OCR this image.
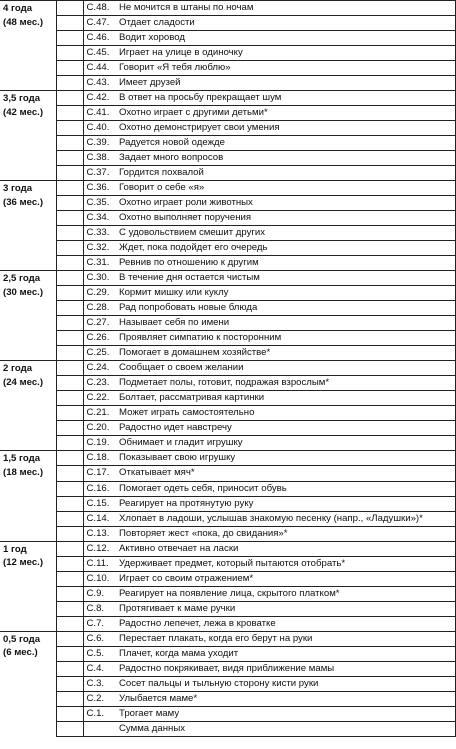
4 года		С.48.	Не мочится в штаны по ночам
(48 мес.)		С.47.	Отдает сладости
		С.46.	Водит хоровод
		С.45.	Играет на улице в одиночку
		С.44.	Говорит «Я тебя люблю»
		С.43.	Имеет друзей
3,5 года		С.42.	В ответ на просьбу прекращает шум
(42 мес.)		С.41.	Охотно играет с другими детьми*
		С.40.	Охотно демонстрирует свои умения
		С.39.	Радуется новой одежде
		С.38.	Задает много вопросов
		С.37.	Гордится похвалой
3 года		С.36.	Говорит о себе «я»
(36 мес.)		С.35.	Охотно играет роли животных
		С.34.	Охотно выполняет поручения
		С.33.	С удовольствием смешит других
		С.32.	Ждет, пока подойдет его очередь
		С.31.	Ревнив по отношению к другим
2,5 года		С.30.	В течение дня остается чистым
(30 мес.)		С.29.	Кормит мишку или куклу
		С.28.	Рад попробовать новые блюда
		С.27.	Называет себя по имени
		С.26.	Проявляет симпатию к посторонним
		С.25.	Помогает в домашнем хозяйстве*
2 года		С.24.	Сообщает о своем желании
(24 мес.)		С.23.	Подметает полы, готовит, подражая взрослым*
		С.22.	Болтает, рассматривая картинки
		С.21.	Может играть самостоятельно
		С.20.	Радостно идет навстречу
		С.19.	Обнимает и гладит игрушку
1,5 года		С.18.	Показывает свою игрушку
(18 мес.)		С.17.	Откатывает мяч*
		С.16.	Помогает одеть себя, приносит обувь
		С.15.	Реагирует на протянутую руку
		С.14.	Хлопает в ладоши, услышав знакомую песенку (напр., «Ладушки»)*
		С.13.	Повторяет жест «пока, до свидания»*
1 год		С.12.	Активно отвечает на ласки
(12 мес.)		С.11.	Удерживает предмет, который пытаются отобрать*
		С.10.	Играет со своим отражением*
		С.9.	Реагирует на появление лица, скрытого платком*
		С.8.	Протягивает к маме ручки
		С.7.	Радостно лепечет, лежа в кроватке
0,5 года		С.6.	Перестает плакать, когда его берут на руки
(6 мес.)		С.5.	Плачет, когда мама уходит
		С.4.	Радостно покрякивает, видя приближение мамы
		С.3.	Сосет пальцы и тыльную сторону кисти руки
		С.2.	Улыбается маме*
		С.1.	Трогает маму
			Сумма данных
